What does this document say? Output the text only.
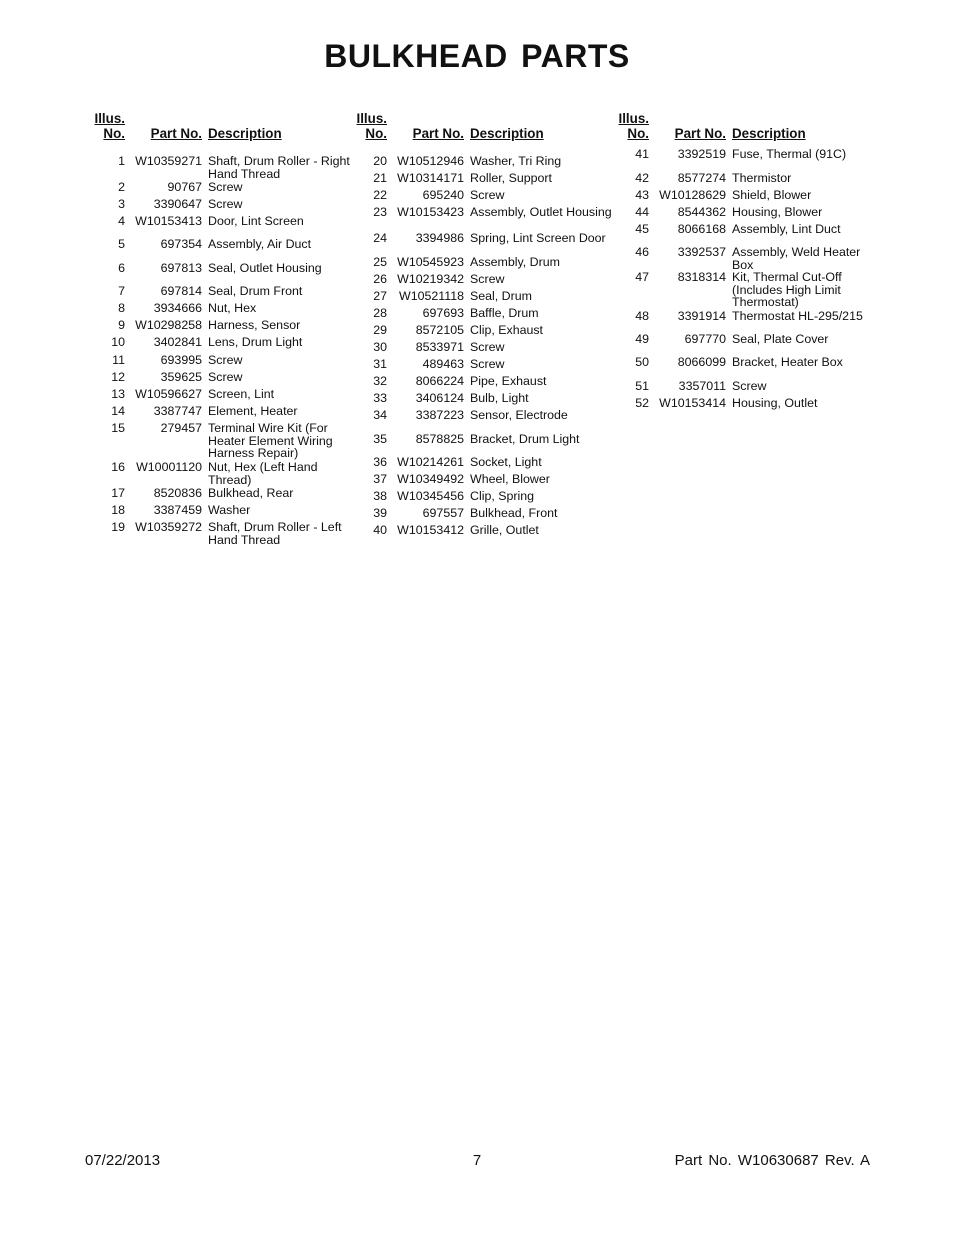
BULKHEAD PARTS
Illus.
No.	Part No. Description
1 W10359271 Shaft, Drum Roller - Right Hand Thread
2	90767 Screw
3	3390647 Screw
4 W10153413 Door, Lint Screen
5	697354 Assembly, Air Duct
6	697813 Seal, Outlet Housing
7	697814 Seal, Drum Front
8	3934666 Nut, Hex
9 W10298258 Harness, Sensor
10	3402841 Lens, Drum Light
11	693995 Screw
12	359625 Screw
13 W10596627 Screen, Lint
14	3387747 Element, Heater
15	279457 Terminal Wire Kit (For Heater Element Wiring Harness Repair)
16 W10001120 Nut, Hex (Left Hand Thread)
17	8520836 Bulkhead, Rear
18	3387459 Washer
19 W10359272 Shaft, Drum Roller - Left Hand Thread
Illus.
No.	Part No. Description
20 W10512946 Washer, Tri Ring
21 W10314171 Roller, Support
22	695240 Screw
23 W10153423 Assembly, Outlet Housing
24	3394986 Spring, Lint Screen Door
25 W10545923 Assembly, Drum
26 W10219342 Screw
27 W10521118 Seal, Drum
28	697693 Baffle, Drum
29	8572105 Clip, Exhaust
30	8533971 Screw
31	489463 Screw
32	8066224 Pipe, Exhaust
33	3406124 Bulb, Light
34	3387223 Sensor, Electrode
35	8578825 Bracket, Drum Light
36 W10214261 Socket, Light
37 W10349492 Wheel, Blower
38 W10345456 Clip, Spring
39	697557 Bulkhead, Front
40 W10153412 Grille, Outlet
Illus.
No.	Part No. Description
41	3392519 Fuse, Thermal (91C)
42	8577274 Thermistor
43 W10128629 Shield, Blower
44	8544362 Housing, Blower
45	8066168 Assembly, Lint Duct
46	3392537 Assembly, Weld Heater Box
47	8318314 Kit, Thermal Cut-Off (Includes High Limit Thermostat)
48	3391914 Thermostat HL-295/215
49	697770 Seal, Plate Cover
50	8066099 Bracket, Heater Box
51	3357011 Screw
52 W10153414 Housing, Outlet
07/22/2013	7	Part No. W10630687 Rev. A
